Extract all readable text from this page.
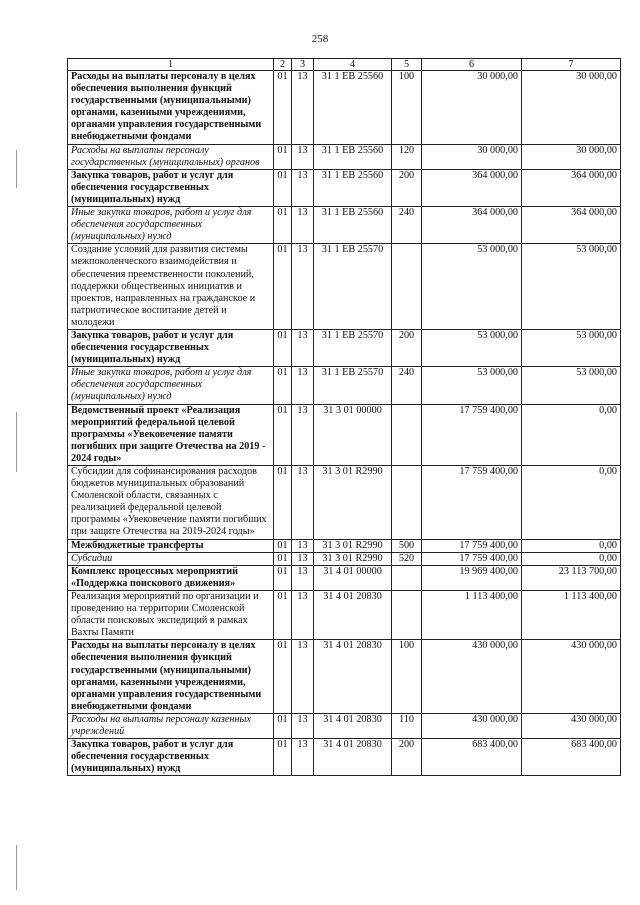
258
1	2	3	4	5	6	7
Расходы на выплаты персоналу в целях обеспечения выполнения функций государственными (муниципальными) органами, казенными учреждениями, органами управления государственными внебюджетными фондами	01	13	31 1 ЕВ 25560	100	30 000,00	30 000,00
Расходы на выплаты персоналу государственных (муниципальных) органов	01	13	31 1 ЕВ 25560	120	30 000,00	30 000,00
Закупка товаров, работ и услуг для обеспечения государственных (муниципальных) нужд	01	13	31 1 ЕВ 25560	200	364 000,00	364 000,00
Иные закупки товаров, работ и услуг для обеспечения государственных (муниципальных) нужд	01	13	31 1 ЕВ 25560	240	364 000,00	364 000,00
Создание условий для развития системы межпоколенческого взаимодействия и обеспечения преемственности поколений, поддержки общественных инициатив и проектов, направленных на гражданское и патриотическое воспитание детей и молодежи	01	13	31 1 ЕВ 25570		53 000,00	53 000,00
Закупка товаров, работ и услуг для обеспечения государственных (муниципальных) нужд	01	13	31 1 ЕВ 25570	200	53 000,00	53 000,00
Иные закупки товаров, работ и услуг для обеспечения государственных (муниципальных) нужд	01	13	31 1 ЕВ 25570	240	53 000,00	53 000,00
Ведомственный проект «Реализация мероприятий федеральной целевой программы «Увековечение памяти погибших при защите Отечества на 2019 - 2024 годы»	01	13	31 3 01 00000		17 759 400,00	0,00
Субсидии для софинансирования расходов бюджетов муниципальных образований Смоленской области, связанных с реализацией федеральной целевой программы «Увековечение памяти погибших при защите Отечества на 2019-2024 годы»	01	13	31 3 01 R2990		17 759 400,00	0,00
Межбюджетные трансферты	01	13	31 3 01 R2990	500	17 759 400,00	0,00
Субсидии	01	13	31 3 01 R2990	520	17 759 400,00	0,00
Комплекс процессных мероприятий «Поддержка поискового движения»	01	13	31 4 01 00000		19 969 400,00	23 113 700,00
Реализация мероприятий по организации и проведению на территории Смоленской области поисковых экспедиций в рамках Вахты Памяти	01	13	31 4 01 20830		1 113 400,00	1 113 400,00
Расходы на выплаты персоналу в целях обеспечения выполнения функций государственными (муниципальными) органами, казенными учреждениями, органами управления государственными внебюджетными фондами	01	13	31 4 01 20830	100	430 000,00	430 000,00
Расходы на выплаты персоналу казенных учреждений	01	13	31 4 01 20830	110	430 000,00	430 000,00
Закупка товаров, работ и услуг для обеспечения государственных (муниципальных) нужд	01	13	31 4 01 20830	200	683 400,00	683 400,00
